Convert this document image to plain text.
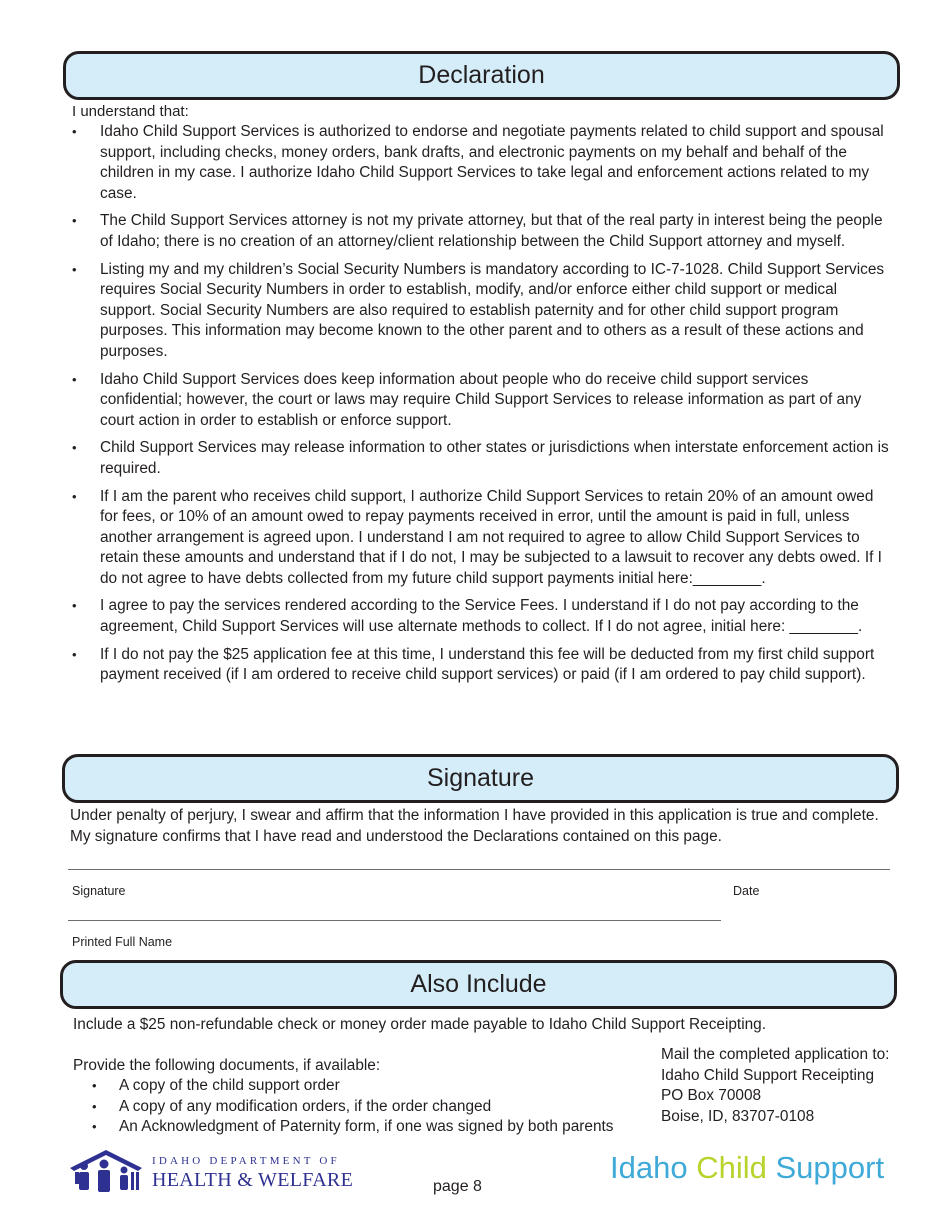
Declaration
I understand that:
• Idaho Child Support Services is authorized to endorse and negotiate payments related to child support and spousal support, including checks, money orders, bank drafts, and electronic payments on my behalf and behalf of the children in my case. I authorize Idaho Child Support Services to take legal and enforcement actions related to my case.
• The Child Support Services attorney is not my private attorney, but that of the real party in interest being the people of Idaho; there is no creation of an attorney/client relationship between the Child Support attorney and myself.
• Listing my and my children’s Social Security Numbers is mandatory according to IC-7-1028. Child Support Services requires Social Security Numbers in order to establish, modify, and/or enforce either child support or medical support. Social Security Numbers are also required to establish paternity and for other child support program purposes. This information may become known to the other parent and to others as a result of these actions and purposes.
• Idaho Child Support Services does keep information about people who do receive child support services confidential; however, the court or laws may require Child Support Services to release information as part of any court action in order to establish or enforce support.
• Child Support Services may release information to other states or jurisdictions when interstate enforcement action is required.
• If I am the parent who receives child support, I authorize Child Support Services to retain 20% of an amount owed for fees, or 10% of an amount owed to repay payments received in error, until the amount is paid in full, unless another arrangement is agreed upon. I understand I am not required to agree to allow Child Support Services to retain these amounts and understand that if I do not, I may be subjected to a lawsuit to recover any debts owed. If I do not agree to have debts collected from my future child support payments initial here:________.
• I agree to pay the services rendered according to the Service Fees. I understand if I do not pay according to the agreement, Child Support Services will use alternate methods to collect. If I do not agree, initial here: ________.
• If I do not pay the $25 application fee at this time, I understand this fee will be deducted from my first child support payment received (if I am ordered to receive child support services) or paid (if I am ordered to pay child support).
Signature
Under penalty of perjury, I swear and affirm that the information I have provided in this application is true and complete. My signature confirms that I have read and understood the Declarations contained on this page.
Signature	Date
Printed Full Name
Also Include
Include a $25 non-refundable check or money order made payable to Idaho Child Support Receipting.
Provide the following documents, if available:
• A copy of the child support order
• A copy of any modification orders, if the order changed
• An Acknowledgment of Paternity form, if one was signed by both parents
Mail the completed application to:
Idaho Child Support Receipting
PO Box 70008
Boise, ID, 83707-0108
IDAHO DEPARTMENT OF
HEALTH & WELFARE	page 8
Idaho Child Support
